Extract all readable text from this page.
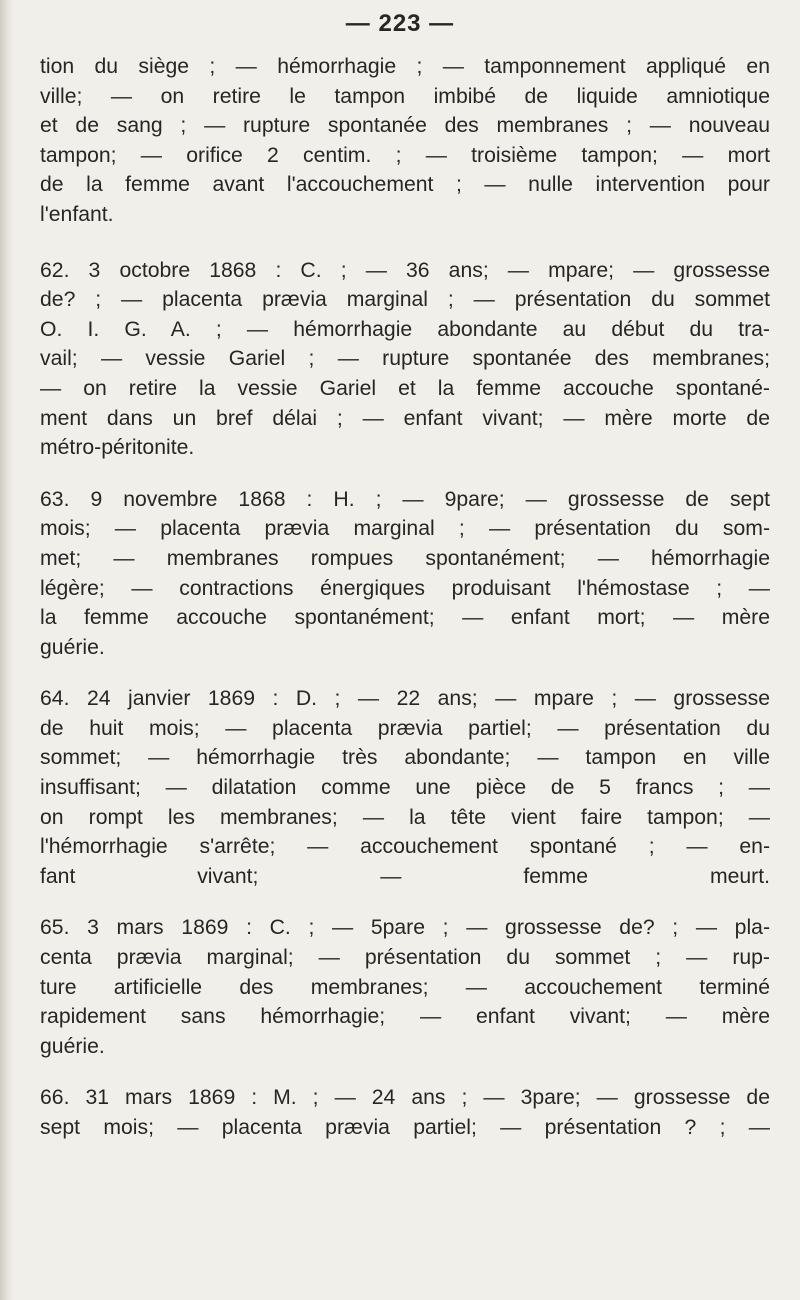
— 223 —

tion du siège ; — hémorrhagie ; — tamponnement appliqué en
ville; — on retire le tampon imbibé de liquide amniotique
et de sang ; — rupture spontanée des membranes ; — nouveau
tampon; — orifice 2 centim. ; — troisième tampon; — mort
de la femme avant l'accouchement ; — nulle intervention pour
l'enfant.

62. 3 octobre 1868 : C. ; — 36 ans; — mpare; — grossesse
de? ; — placenta prævia marginal ; — présentation du sommet
O. I. G. A. ; — hémorrhagie abondante au début du tra-
vail; — vessie Gariel ; — rupture spontanée des membranes;
— on retire la vessie Gariel et la femme accouche spontané-
ment dans un bref délai ; — enfant vivant; — mère morte de
métro-péritonite.

63. 9 novembre 1868 : H. ; — 9pare; — grossesse de sept
mois; — placenta prævia marginal ; — présentation du som-
met; — membranes rompues spontanément; — hémorrhagie
légère; — contractions énergiques produisant l'hémostase ; —
la femme accouche spontanément; — enfant mort; — mère
guérie.

64. 24 janvier 1869 : D. ; — 22 ans; — mpare ; — grossesse
de huit mois; — placenta prævia partiel; — présentation du
sommet; — hémorrhagie très abondante; — tampon en ville
insuffisant; — dilatation comme une pièce de 5 francs ; —
on rompt les membranes; — la tête vient faire tampon; —
l'hémorrhagie s'arrête; — accouchement spontané ; — en-
fant vivant; — femme meurt.

65. 3 mars 1869 : C. ; — 5pare ; — grossesse de? ; — pla-
centa prævia marginal; — présentation du sommet ; — rup-
ture artificielle des membranes; — accouchement terminé
rapidement sans hémorrhagie; — enfant vivant; — mère
guérie.

66. 31 mars 1869 : M. ; — 24 ans ; — 3pare; — grossesse de
sept mois; — placenta prævia partiel; — présentation ? ; —
